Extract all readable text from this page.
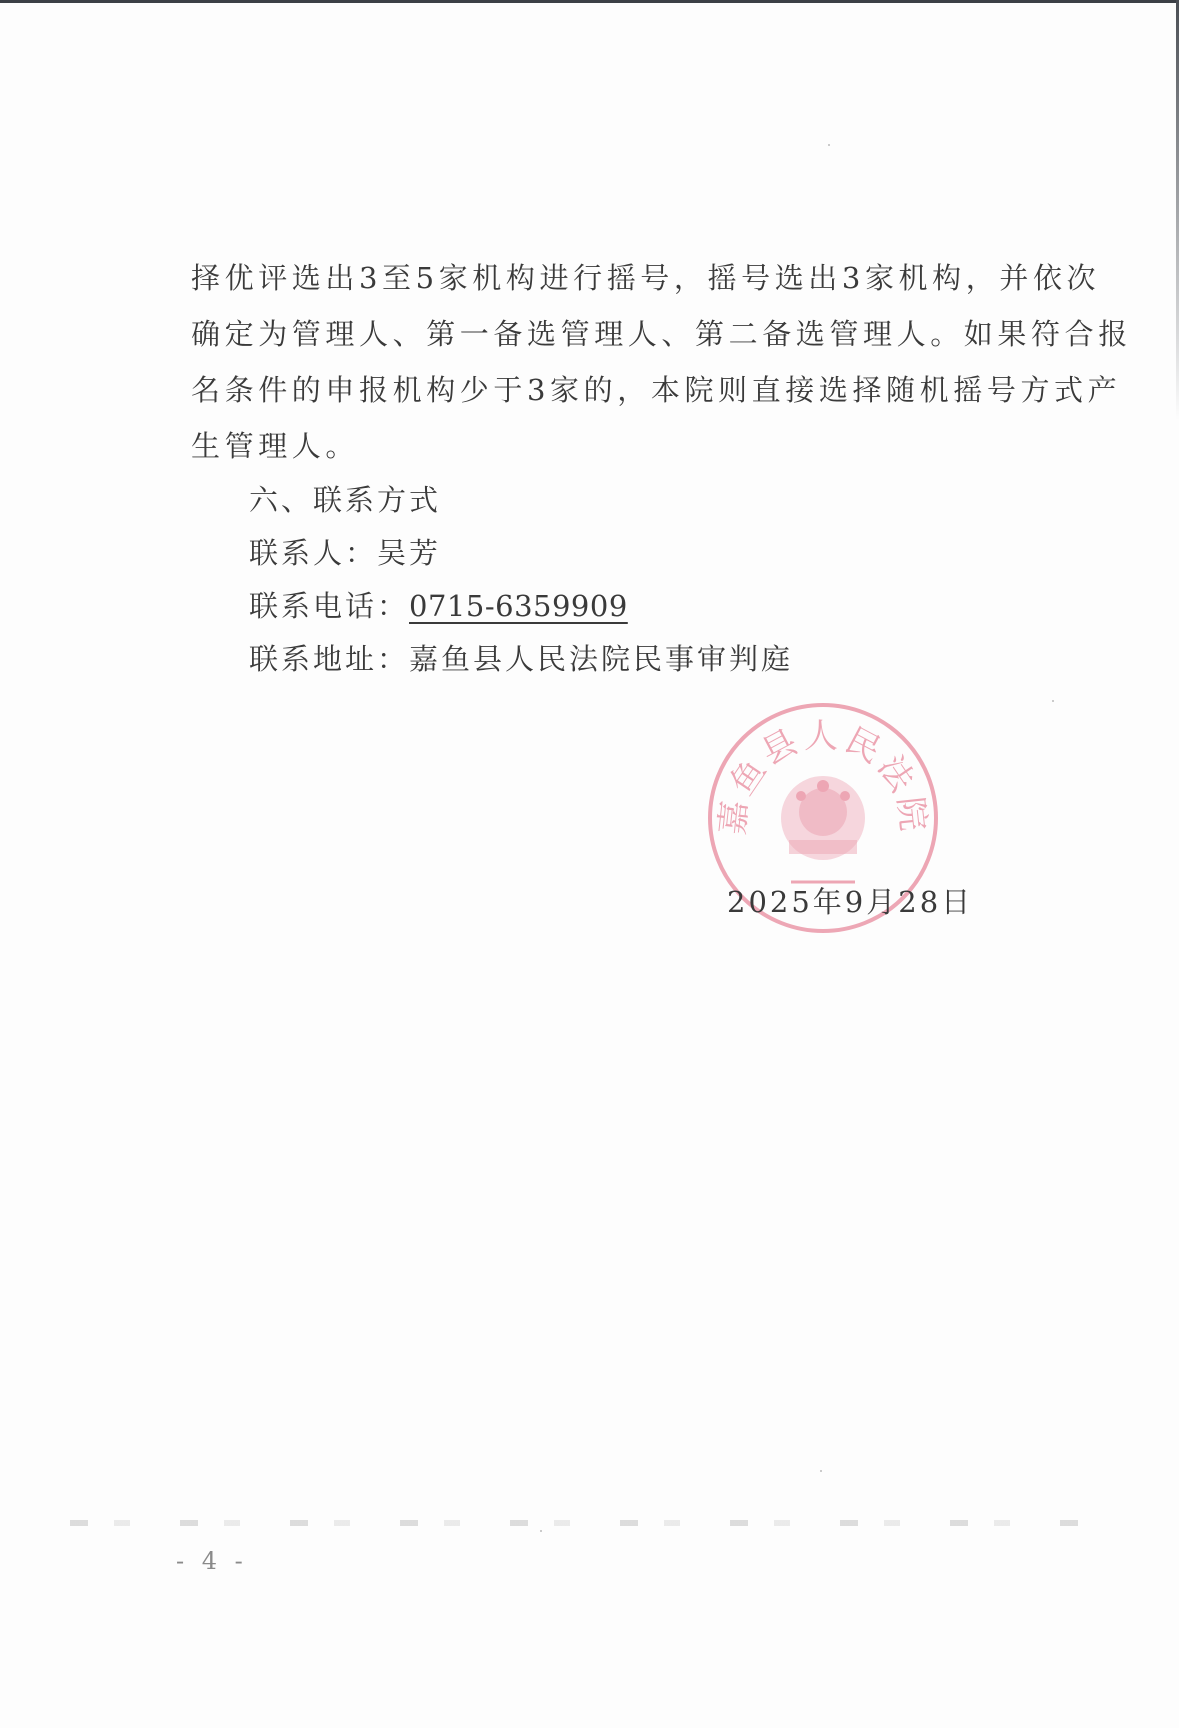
择优评选出3至5家机构进行摇号，摇号选出3家机构，并依次
确定为管理人、第一备选管理人、第二备选管理人。如果符合报
名条件的申报机构少于3家的，本院则直接选择随机摇号方式产
生管理人。
六、联系方式
联系人：吴芳
联系电话：0715-6359909
联系地址：嘉鱼县人民法院民事审判庭
嘉鱼县人民法院
2025年9月28日
- 4 -
